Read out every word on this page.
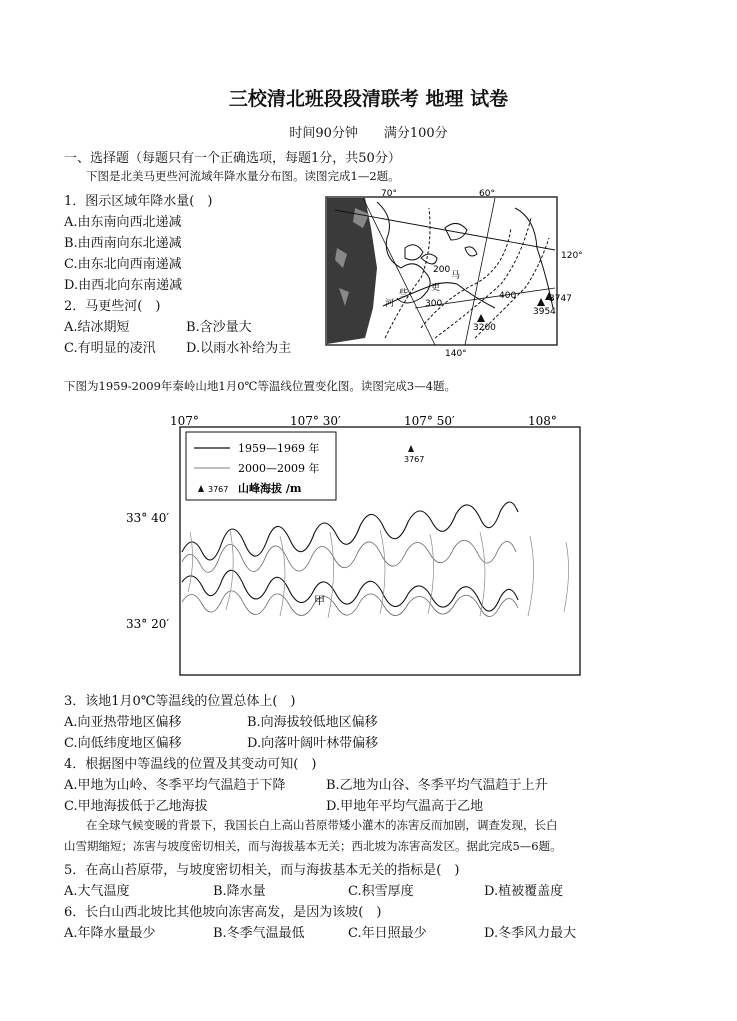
三校清北班段段清联考 地理 试卷
时间90分钟　　满分100分
一、选择题（每题只有一个正确选项，每题1分，共50分）
下图是北美马更些河流域年降水量分布图。读图完成1—2题。
1．图示区域年降水量(　)
A.由东南向西北递减
B.由西南向东北递减
C.由东北向西南递减
D.由西北向东南递减
2．马更些河(　)
A.结冰期短	B.含沙量大
C.有明显的凌汛 D.以雨水补给为主
70°	60°
120°
140°
200
300
400
马
更
些
河	3747
3954
3200
下图为1959-2009年秦岭山地1月0℃等温线位置变化图。读图完成3—4题。
107°	107° 30′	107° 50′	108°
33° 40′
33° 20′
1959—1969 年
2000—2009 年
3767 山峰海拔 /m
3767
甲
3．该地1月0℃等温线的位置总体上(　)
A.向亚热带地区偏移	B.向海拔较低地区偏移
C.向低纬度地区偏移	D.向落叶阔叶林带偏移
4．根据图中等温线的位置及其变动可知(　)
A.甲地为山岭、冬季平均气温趋于下降	B.乙地为山谷、冬季平均气温趋于上升
C.甲地海拔低于乙地海拔	D.甲地年平均气温高于乙地
在全球气候变暖的背景下，我国长白上高山苔原带矮小灌木的冻害反而加剧，调查发现，长白
山雪期缩短；冻害与坡度密切相关，而与海拔基本无关；西北坡为冻害高发区。据此完成5—6题。
5．在高山苔原带，与坡度密切相关，而与海拔基本无关的指标是(　)
A.大气温度	B.降水量	C.积雪厚度	D.植被覆盖度
6．长白山西北坡比其他坡向冻害高发，是因为该坡(　)
A.年降水量最少	B.冬季气温最低	C.年日照最少	D.冬季风力最大
